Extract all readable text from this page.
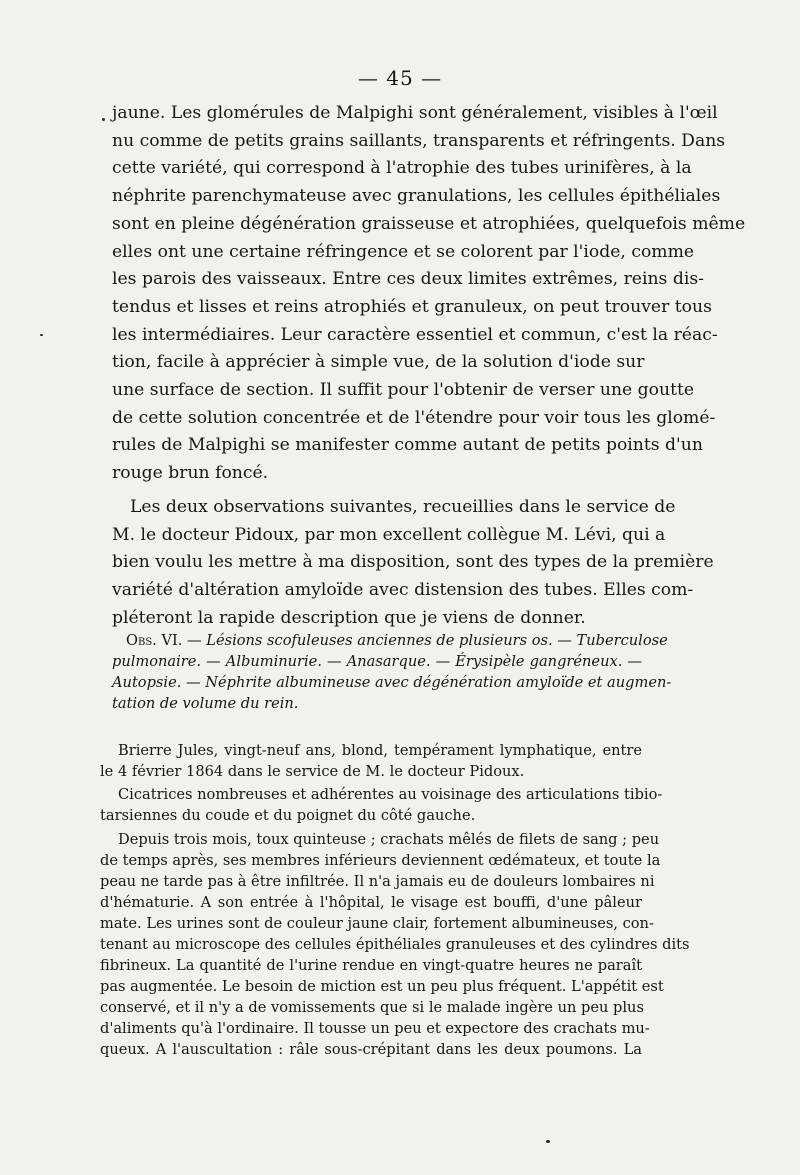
— 45 —
jaune. Les glomérules de Malpighi sont généralement, visibles à l'œil
nu comme de petits grains saillants, transparents et réfringents. Dans
cette variété, qui correspond à l'atrophie des tubes urinifères, à la
néphrite parenchymateuse avec granulations, les cellules épithéliales
sont en pleine dégénération graisseuse et atrophiées, quelquefois même
elles ont une certaine réfringence et se colorent par l'iode, comme
les parois des vaisseaux. Entre ces deux limites extrêmes, reins dis-
tendus et lisses et reins atrophiés et granuleux, on peut trouver tous
les intermédiaires. Leur caractère essentiel et commun, c'est la réac-
tion, facile à apprécier à simple vue, de la solution d'iode sur
une surface de section. Il suffit pour l'obtenir de verser une goutte
de cette solution concentrée et de l'étendre pour voir tous les glomé-
rules de Malpighi se manifester comme autant de petits points d'un
rouge brun foncé.
Les deux observations suivantes, recueillies dans le service de
M. le docteur Pidoux, par mon excellent collègue M. Lévi, qui a
bien voulu les mettre à ma disposition, sont des types de la première
variété d'altération amyloïde avec distension des tubes. Elles com-
pléteront la rapide description que je viens de donner.
Obs. VI. — Lésions scofuleuses anciennes de plusieurs os. — Tuberculose
pulmonaire. — Albuminurie. — Anasarque. — Érysipèle gangréneux. —
Autopsie. — Néphrite albumineuse avec dégénération amyloïde et augmen-
tation de volume du rein.
Brierre Jules, vingt-neuf ans, blond, tempérament lymphatique, entre
le 4 février 1864 dans le service de M. le docteur Pidoux.
Cicatrices nombreuses et adhérentes au voisinage des articulations tibio-
tarsiennes du coude et du poignet du côté gauche.
Depuis trois mois, toux quinteuse ; crachats mêlés de filets de sang ; peu
de temps après, ses membres inférieurs deviennent œdémateux, et toute la
peau ne tarde pas à être infiltrée. Il n'a jamais eu de douleurs lombaires ni
d'hématurie. A son entrée à l'hôpital, le visage est bouffi, d'une pâleur
mate. Les urines sont de couleur jaune clair, fortement albumineuses, con-
tenant au microscope des cellules épithéliales granuleuses et des cylindres dits
fibrineux. La quantité de l'urine rendue en vingt-quatre heures ne paraît
pas augmentée. Le besoin de miction est un peu plus fréquent. L'appétit est
conservé, et il n'y a de vomissements que si le malade ingère un peu plus
d'aliments qu'à l'ordinaire. Il tousse un peu et expectore des crachats mu-
queux. A l'auscultation : râle sous-crépitant dans les deux poumons. La
